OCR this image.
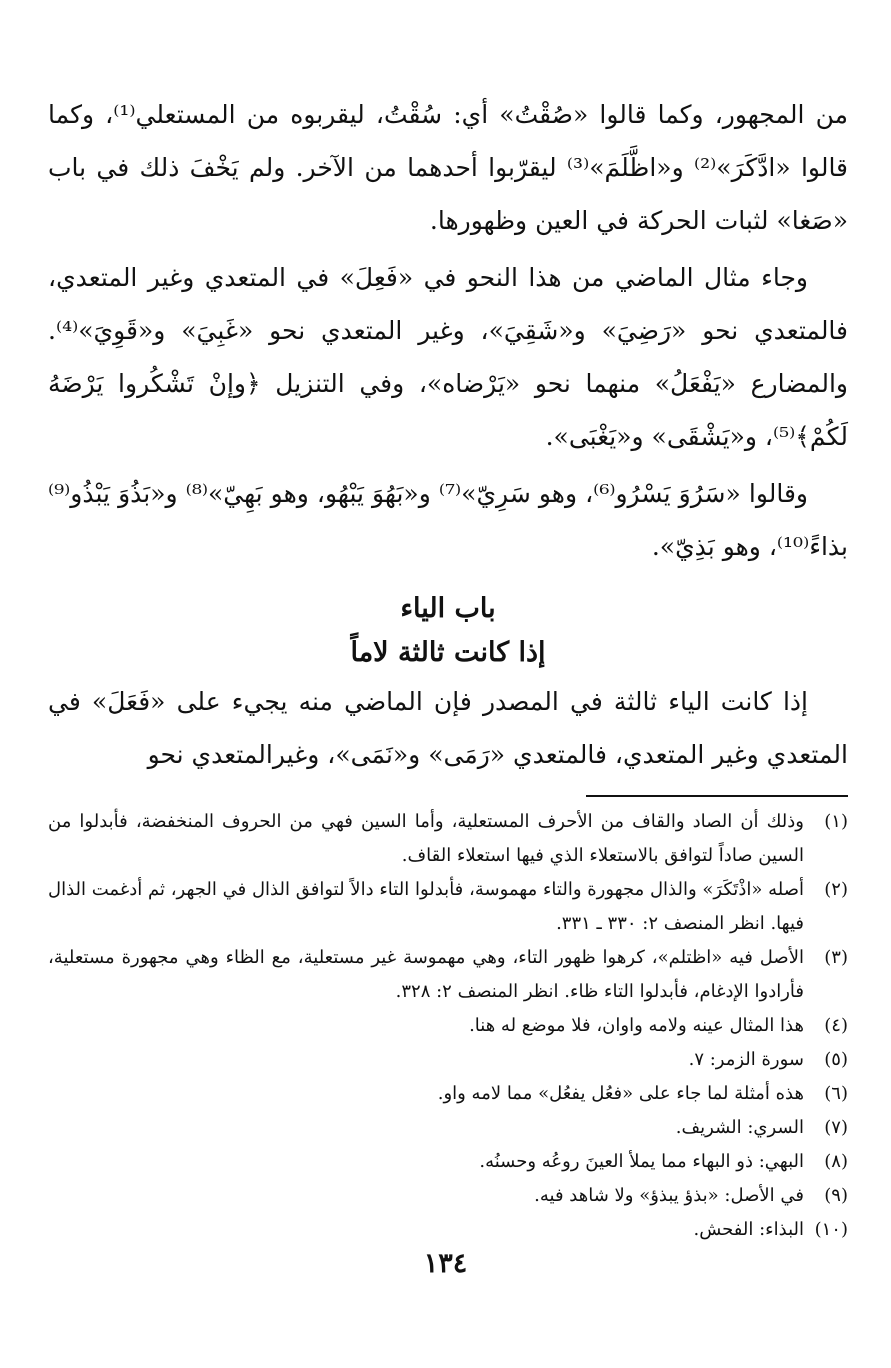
من المجهور، وكما قالوا «صُقْتُ» أي: سُقْتُ، ليقربوه من المستعلي⁽¹⁾، وكما قالوا «ادَّكَرَ»⁽²⁾ و«اظَّلَمَ»⁽³⁾ ليقرّبوا أحدهما من الآخر. ولم يَخْفَ ذلك في باب «صَغا» لثبات الحركة في العين وظهورها.

وجاء مثال الماضي من هذا النحو في «فَعِلَ» في المتعدي وغير المتعدي، فالمتعدي نحو «رَضِيَ» و«شَقِيَ»، وغير المتعدي نحو «غَبِيَ» و«قَوِيَ»⁽⁴⁾. والمضارع «يَفْعَلُ» منهما نحو «يَرْضاه»، وفي التنزيل ﴿وإنْ تَشْكُروا يَرْضَهُ لَكُمْ﴾⁽⁵⁾، و«يَشْقَى» و«يَغْبَى».

وقالوا «سَرُوَ يَسْرُو⁽⁶⁾، وهو سَرِيّ»⁽⁷⁾ و«بَهُوَ يَبْهُو، وهو بَهِيّ»⁽⁸⁾ و«بَذُوَ يَبْذُو⁽⁹⁾ بذاءً⁽¹⁰⁾، وهو بَذِيّ».

باب الياء
إذا كانت ثالثة لاماً

إذا كانت الياء ثالثة في المصدر فإن الماضي منه يجيء على «فَعَلَ» في المتعدي وغير المتعدي، فالمتعدي «رَمَى» و«نَمَى»، وغيرالمتعدي نحو

(١)
وذلك أن الصاد والقاف من الأحرف المستعلية، وأما السين فهي من الحروف المنخفضة، فأبدلوا من السين صاداً لتوافق بالاستعلاء الذي فيها استعلاء القاف.
(٢)
أصله «اذْتَكَرَ» والذال مجهورة والتاء مهموسة، فأبدلوا التاء دالاً لتوافق الذال في الجهر، ثم أدغمت الذال فيها. انظر المنصف ٢: ٣٣٠ ـ ٣٣١.
(٣)
الأصل فيه «اظتلم»، كرهوا ظهور التاء، وهي مهموسة غير مستعلية، مع الظاء وهي مجهورة مستعلية، فأرادوا الإدغام، فأبدلوا التاء ظاء. انظر المنصف ٢: ٣٢٨.
(٤)
هذا المثال عينه ولامه واوان، فلا موضع له هنا.
(٥)
سورة الزمر: ٧.
(٦)
هذه أمثلة لما جاء على «فعُل يفعُل» مما لامه واو.
(٧)
السري: الشريف.
(٨)
البهي: ذو البهاء مما يملأ العينَ روعُه وحسنُه.
(٩)
في الأصل: «بذؤ يبذؤ» ولا شاهد فيه.
(١٠)
البذاء: الفحش.
١٣٤
